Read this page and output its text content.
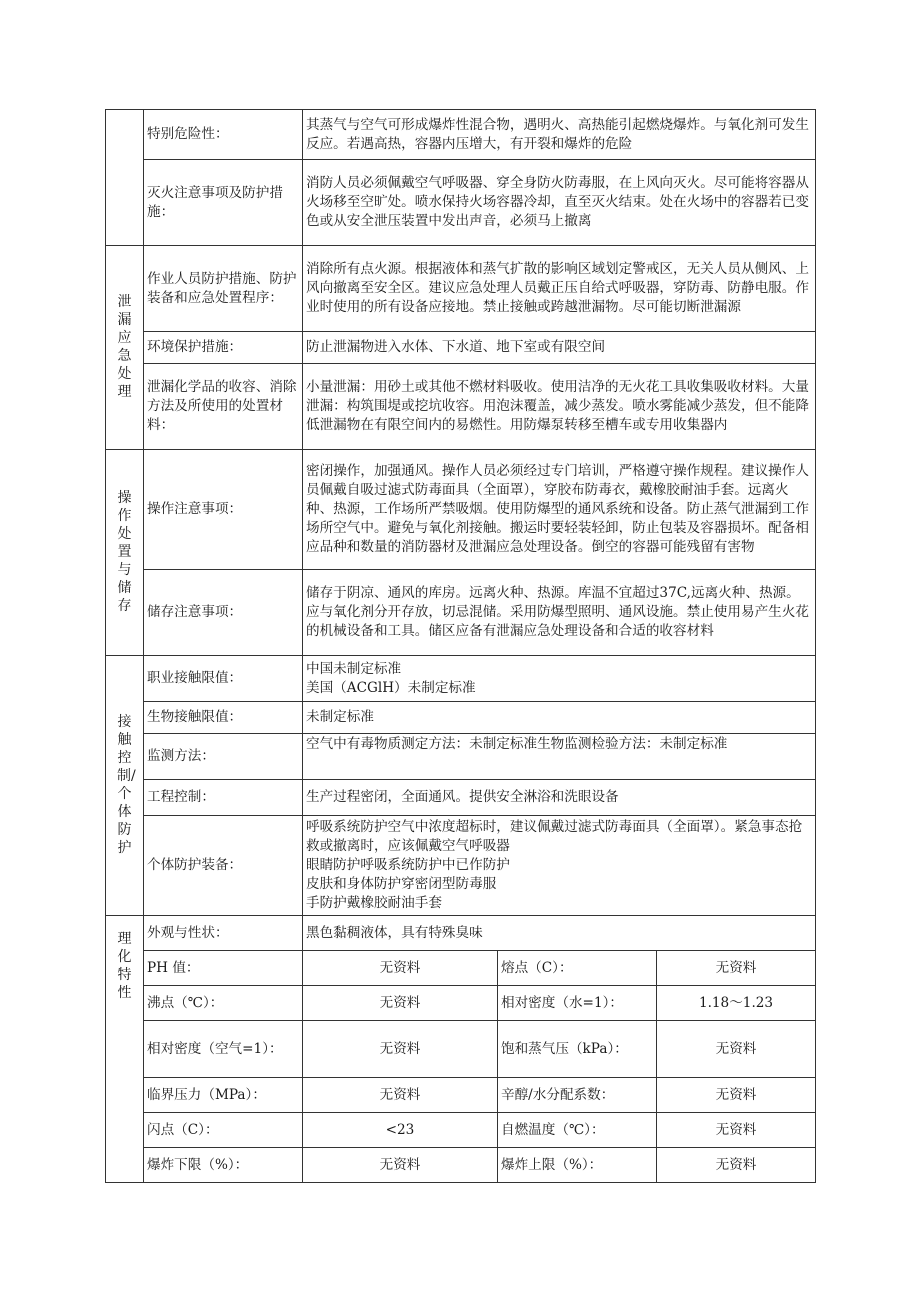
	特别危险性：	其蒸气与空气可形成爆炸性混合物，遇明火、高热能引起燃烧爆炸。与氧化剂可发生反应。若遇高热，容器内压增大，有开裂和爆炸的危险		
	灭火注意事项及防护措施：	消防人员必须佩戴空气呼吸器、穿全身防火防毒服，在上风向灭火。尽可能将容器从火场移至空旷处。喷水保持火场容器冷却，直至灭火结束。处在火场中的容器若已变色或从安全泄压装置中发出声音，必须马上撤离		
泄漏应急处理	作业人员防护措施、防护装备和应急处置程序：	消除所有点火源。根据液体和蒸气扩散的影响区域划定警戒区，无关人员从侧风、上风向撤离至安全区。建议应急处理人员戴正压自给式呼吸器，穿防毒、防静电服。作业时使用的所有设备应接地。禁止接触或跨越泄漏物。尽可能切断泄漏源		
	环境保护措施：	防止泄漏物进入水体、下水道、地下室或有限空间		
	泄漏化学品的收容、消除方法及所使用的处置材料：	小量泄漏：用砂土或其他不燃材料吸收。使用洁净的无火花工具收集吸收材料。大量泄漏：构筑围堤或挖坑收容。用泡沫覆盖，减少蒸发。喷水雾能减少蒸发，但不能降低泄漏物在有限空间内的易燃性。用防爆泵转移至槽车或专用收集器内		
操作处置与储存	操作注意事项：	密闭操作，加强通风。操作人员必须经过专门培训，严格遵守操作规程。建议操作人员佩戴自吸过滤式防毒面具（全面罩），穿胶布防毒衣，戴橡胶耐油手套。远离火种、热源，工作场所严禁吸烟。使用防爆型的通风系统和设备。防止蒸气泄漏到工作场所空气中。避免与氧化剂接触。搬运时要轻装轻卸，防止包装及容器损坏。配备相应品种和数量的消防器材及泄漏应急处理设备。倒空的容器可能残留有害物		
	储存注意事项：	储存于阴凉、通风的库房。远离火种、热源。库温不宜超过37C,远离火种、热源。应与氧化剂分开存放，切忌混储。采用防爆型照明、通风设施。禁止使用易产生火花的机械设备和工具。储区应备有泄漏应急处理设备和合适的收容材料		
接触控制/个体防护	职业接触限值：	中国未制定标准
美国（ACGlH）未制定标准		

	生物接触限值：	未制定标准		
	监测方法：	空气中有毒物质测定方法：未制定标准生物监测检验方法：未制定标准		
	工程控制：	生产过程密闭，全面通风。提供安全淋浴和洗眼设备		
	个体防护装备：	呼吸系统防护空气中浓度超标时，建议佩戴过滤式防毒面具（全面罩）。紧急事态抢救或撤离时，应该佩戴空气呼吸器
眼睛防护呼吸系统防护中已作防护
皮肤和身体防护穿密闭型防毒服
手防护戴橡胶耐油手套		

理化特性	外观与性状：	黑色黏稠液体，具有特殊臭味		
	PH 值：	无资料	熔点（C）：	无资料
	沸点（℃）：	无资料	相对密度（水=1）：	1.18～1.23
	相对密度（空气=1）：	无资料	饱和蒸气压（kPa）：	无资料
	临界压力（MPa）：	无资料	辛醇/水分配系数：	无资料
	闪点（C）：	<23	自燃温度（℃）：	无资料
	爆炸下限（%）：	无资料	爆炸上限（%）：	无资料
